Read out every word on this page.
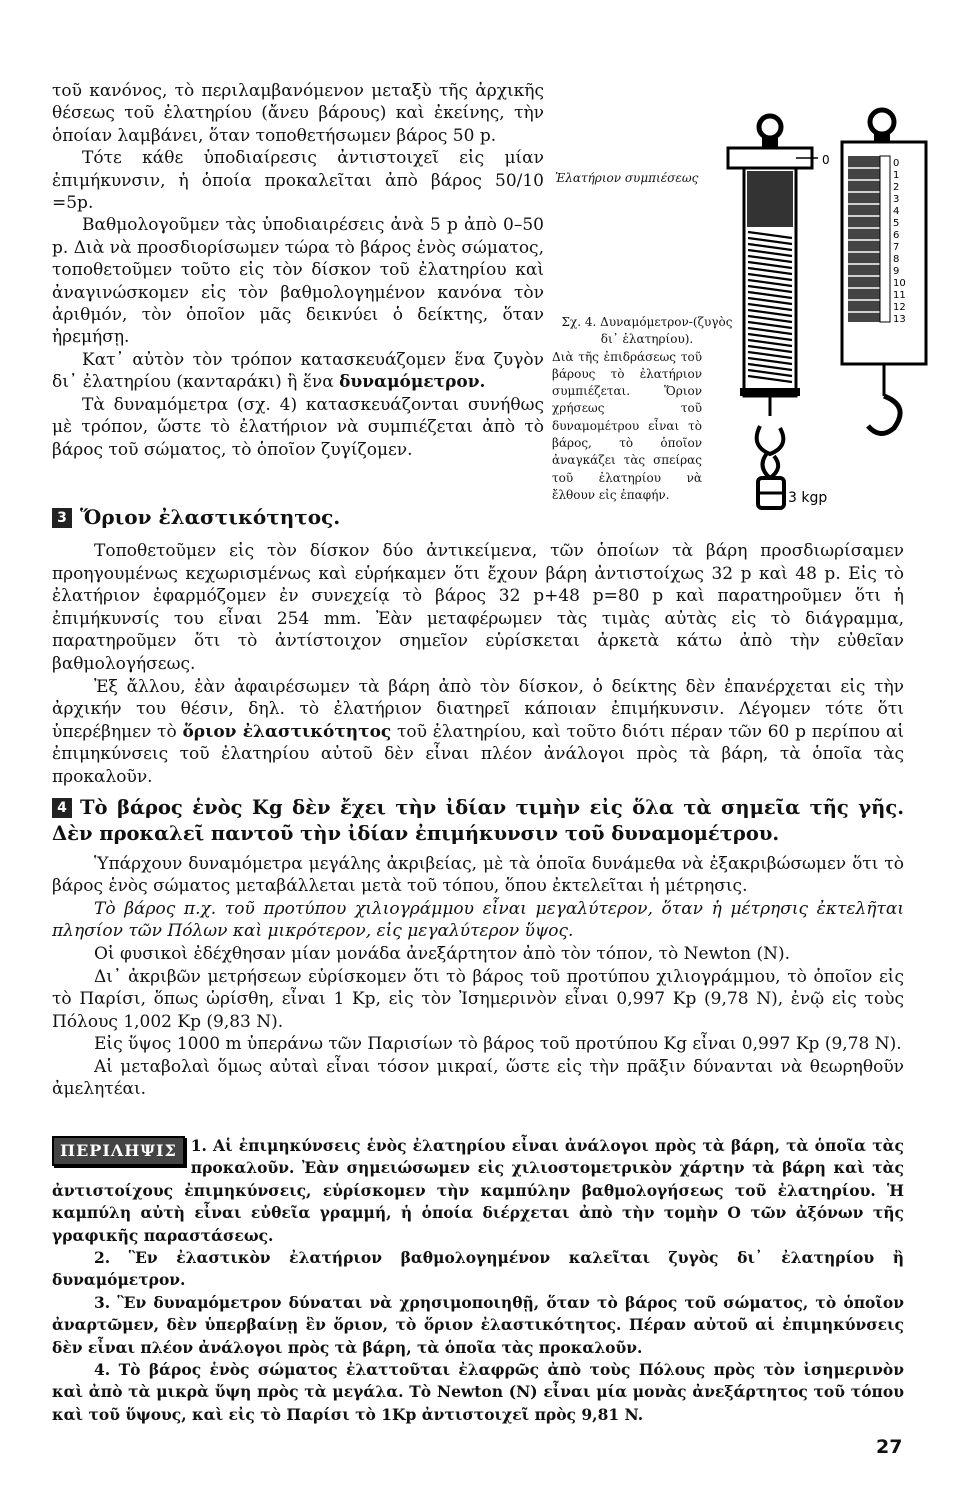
τοῦ κανόνος, τὸ περιλαμβανόμενον μεταξὺ τῆς ἀρχικῆς θέσεως τοῦ ἐλατηρίου (ἄνευ βάρους) καὶ ἐκείνης, τὴν ὁποίαν λαμβάνει, ὅταν τοποθετήσωμεν βάρος 50 p.

Τότε κάθε ὑποδιαίρεσις ἀντιστοιχεῖ εἰς μίαν ἐπιμήκυνσιν, ἡ ὁποία προκαλεῖται ἀπὸ βάρος 50/10 =5p.

Βαθμολογοῦμεν τὰς ὑποδιαιρέσεις ἀνὰ 5 p ἀπὸ 0–50 p. Διὰ νὰ προσδιορίσωμεν τώρα τὸ βάρος ἑνὸς σώματος, τοποθετοῦμεν τοῦτο εἰς τὸν δίσκον τοῦ ἐλατηρίου καὶ ἀναγινώσκομεν εἰς τὸν βαθμολογημένον κανόνα τὸν ἀριθμόν, τὸν ὁποῖον μᾶς δεικνύει ὁ δείκτης, ὅταν ἠρεμήσῃ.

Κατ᾽ αὐτὸν τὸν τρόπον κατασκευάζομεν ἕνα ζυγὸν δι᾽ ἐλατηρίου (κανταράκι) ἢ ἕνα δυναμόμετρον.

Τὰ δυναμόμετρα (σχ. 4) κατασκευάζονται συνήθως μὲ τρόπον, ὥστε τὸ ἐλατήριον νὰ συμπιέζεται ἀπὸ τὸ βάρος τοῦ σώματος, τὸ ὁποῖον ζυγίζομεν.

Ἐλατήριον συμπιέσεως
0
3 kgp
0
1
2
3
4
5
6
7
8
9
10
11
12
13
Σχ. 4. Δυναμόμετρον-(ζυγὸς δι᾽ ἐλατηρίου).
Διὰ τῆς ἐπιδράσεως τοῦ βάρους τὸ ἐλατήριον συμπιέζεται. Ὅριον χρήσεως τοῦ δυναμομέτρου εἶναι τὸ βάρος, τὸ ὁποῖον ἀναγκάζει τὰς σπείρας τοῦ ἐλατηρίου νὰ ἔλθουν εἰς ἐπαφήν.
3 Ὅριον ἐλαστικότητος.

Τοποθετοῦμεν εἰς τὸν δίσκον δύο ἀντικείμενα, τῶν ὁποίων τὰ βάρη προσδιωρίσαμεν προηγουμένως κεχωρισμένως καὶ εὑρήκαμεν ὅτι ἔχουν βάρη ἀντιστοίχως 32 p καὶ 48 p. Εἰς τὸ ἐλατήριον ἐφαρμόζομεν ἐν συνεχείᾳ τὸ βάρος 32 p+48 p=80 p καὶ παρατηροῦμεν ὅτι ἡ ἐπιμήκυνσίς του εἶναι 254 mm. Ἐὰν μεταφέρωμεν τὰς τιμὰς αὐτὰς εἰς τὸ διάγραμμα, παρατηροῦμεν ὅτι τὸ ἀντίστοιχον σημεῖον εὑρίσκεται ἀρκετὰ κάτω ἀπὸ τὴν εὐθεῖαν βαθμολογήσεως.

Ἐξ ἄλλου, ἐὰν ἀφαιρέσωμεν τὰ βάρη ἀπὸ τὸν δίσκον, ὁ δείκτης δὲν ἐπανέρχεται εἰς τὴν ἀρχικήν του θέσιν, δηλ. τὸ ἐλατήριον διατηρεῖ κάποιαν ἐπιμήκυνσιν. Λέγομεν τότε ὅτι ὑπερέβημεν τὸ ὅριον ἐλαστικότητος τοῦ ἐλατηρίου, καὶ τοῦτο διότι πέραν τῶν 60 p περίπου αἱ ἐπιμηκύνσεις τοῦ ἐλατηρίου αὐτοῦ δὲν εἶναι πλέον ἀνάλογοι πρὸς τὰ βάρη, τὰ ὁποῖα τὰς προκαλοῦν.

4 Τὸ βάρος ἑνὸς Kg δὲν ἔχει τὴν ἰδίαν τιμὴν εἰς ὅλα τὰ σημεῖα τῆς γῆς. Δὲν προκαλεῖ παντοῦ τὴν ἰδίαν ἐπιμήκυνσιν τοῦ δυναμομέτρου.

Ὑπάρχουν δυναμόμετρα μεγάλης ἀκριβείας, μὲ τὰ ὁποῖα δυνάμεθα νὰ ἐξακριβώσωμεν ὅτι τὸ βάρος ἑνὸς σώματος μεταβάλλεται μετὰ τοῦ τόπου, ὅπου ἐκτελεῖται ἡ μέτρησις.

Τὸ βάρος π.χ. τοῦ προτύπου χιλιογράμμου εἶναι μεγαλύτερον, ὅταν ἡ μέτρησις ἐκτελῆται πλησίον τῶν Πόλων καὶ μικρότερον, εἰς μεγαλύτερον ὕψος.

Οἱ φυσικοὶ ἐδέχθησαν μίαν μονάδα ἀνεξάρτητον ἀπὸ τὸν τόπον, τὸ Newton (N).

Δι᾽ ἀκριβῶν μετρήσεων εὑρίσκομεν ὅτι τὸ βάρος τοῦ προτύπου χιλιογράμμου, τὸ ὁποῖον εἰς τὸ Παρίσι, ὅπως ὡρίσθη, εἶναι 1 Kp, εἰς τὸν Ἰσημερινὸν εἶναι 0,997 Kp (9,78 N), ἐνῷ εἰς τοὺς Πόλους 1,002 Kp (9,83 N).

Εἰς ὕψος 1000 m ὑπεράνω τῶν Παρισίων τὸ βάρος τοῦ προτύπου Kg εἶναι 0,997 Kp (9,78 N).

Αἱ μεταβολαὶ ὅμως αὐταὶ εἶναι τόσον μικραί, ὥστε εἰς τὴν πρᾶξιν δύνανται νὰ θεωρηθοῦν ἀμελητέαι.

ΠΕΡΙΛΗΨΙΣ 1. Αἱ ἐπιμηκύνσεις ἑνὸς ἐλατηρίου εἶναι ἀνάλογοι πρὸς τὰ βάρη, τὰ ὁποῖα τὰς προκαλοῦν. Ἐὰν σημειώσωμεν εἰς χιλιοστομετρικὸν χάρτην τὰ βάρη καὶ τὰς ἀντιστοίχους ἐπιμηκύνσεις, εὑρίσκομεν τὴν καμπύλην βαθμολογήσεως τοῦ ἐλατηρίου. Ἡ καμπύλη αὐτὴ εἶναι εὐθεῖα γραμμή, ἡ ὁποία διέρχεται ἀπὸ τὴν τομὴν O τῶν ἀξόνων τῆς γραφικῆς παραστάσεως.

2. Ἓν ἐλαστικὸν ἐλατήριον βαθμολογημένον καλεῖται ζυγὸς δι᾽ ἐλατηρίου ἢ δυναμόμετρον.

3. Ἓν δυναμόμετρον δύναται νὰ χρησιμοποιηθῇ, ὅταν τὸ βάρος τοῦ σώματος, τὸ ὁποῖον ἀναρτῶμεν, δὲν ὑπερβαίνῃ ἓν ὅριον, τὸ ὅριον ἐλαστικότητος. Πέραν αὐτοῦ αἱ ἐπιμηκύνσεις δὲν εἶναι πλέον ἀνάλογοι πρὸς τὰ βάρη, τὰ ὁποῖα τὰς προκαλοῦν.

4. Τὸ βάρος ἑνὸς σώματος ἐλαττοῦται ἐλαφρῶς ἀπὸ τοὺς Πόλους πρὸς τὸν ἰσημερινὸν καὶ ἀπὸ τὰ μικρὰ ὕψη πρὸς τὰ μεγάλα. Τὸ Newton (N) εἶναι μία μονὰς ἀνεξάρτητος τοῦ τόπου καὶ τοῦ ὕψους, καὶ εἰς τὸ Παρίσι τὸ 1Kp ἀντιστοιχεῖ πρὸς 9,81 N.

27
